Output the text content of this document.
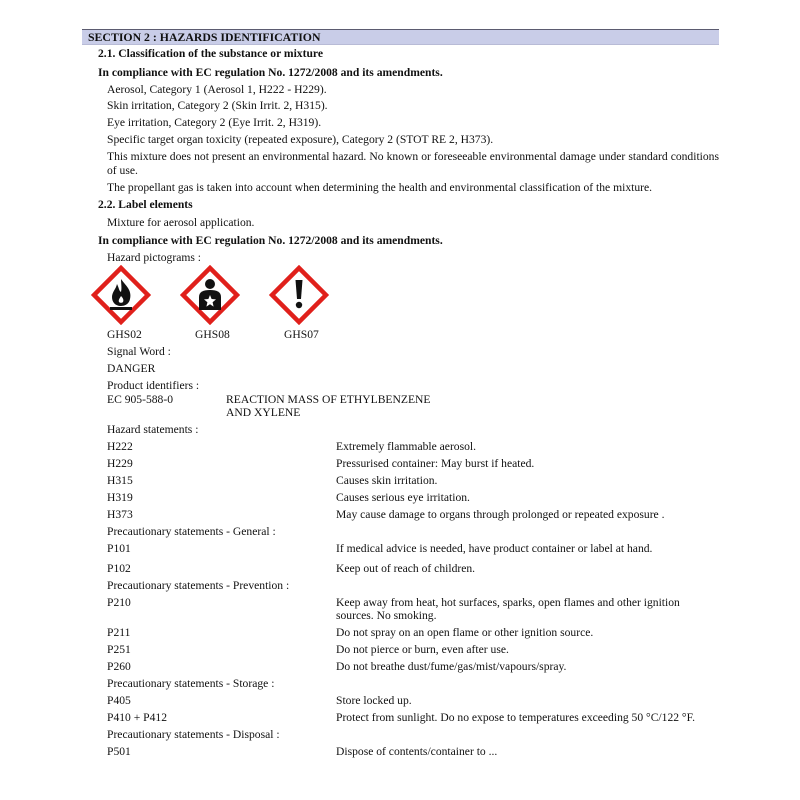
SECTION 2 : HAZARDS IDENTIFICATION
2.1. Classification of the substance or mixture
In compliance with EC regulation No. 1272/2008 and its amendments.
Aerosol, Category 1 (Aerosol 1, H222 - H229).
Skin irritation, Category 2 (Skin Irrit. 2, H315).
Eye irritation, Category 2 (Eye Irrit. 2, H319).
Specific target organ toxicity (repeated exposure), Category 2 (STOT RE 2, H373).
This mixture does not present an environmental hazard. No known or foreseeable environmental damage under standard conditions of use.
The propellant gas is taken into account when determining the health and environmental classification of the mixture.
2.2. Label elements
Mixture for aerosol application.
In compliance with EC regulation No. 1272/2008 and its amendments.
Hazard pictograms :
GHS02	GHS08	GHS07
Signal Word :
DANGER
Product identifiers :
EC 905-588-0	REACTION MASS OF ETHYLBENZENE
AND XYLENE
Hazard statements :
H222	Extremely flammable aerosol.
H229	Pressurised container: May burst if heated.
H315	Causes skin irritation.
H319	Causes serious eye irritation.
H373	May cause damage to organs through prolonged or repeated exposure .
Precautionary statements - General :
P101	If medical advice is needed, have product container or label at hand.
P102	Keep out of reach of children.
Precautionary statements - Prevention :
P210	Keep away from heat, hot surfaces, sparks, open flames and other ignition
sources. No smoking.
P211	Do not spray on an open flame or other ignition source.
P251	Do not pierce or burn, even after use.
P260	Do not breathe dust/fume/gas/mist/vapours/spray.
Precautionary statements - Storage :
P405	Store locked up.
P410 + P412	Protect from sunlight. Do no expose to temperatures exceeding 50 °C/122 °F.
Precautionary statements - Disposal :
P501	Dispose of contents/container to ...
